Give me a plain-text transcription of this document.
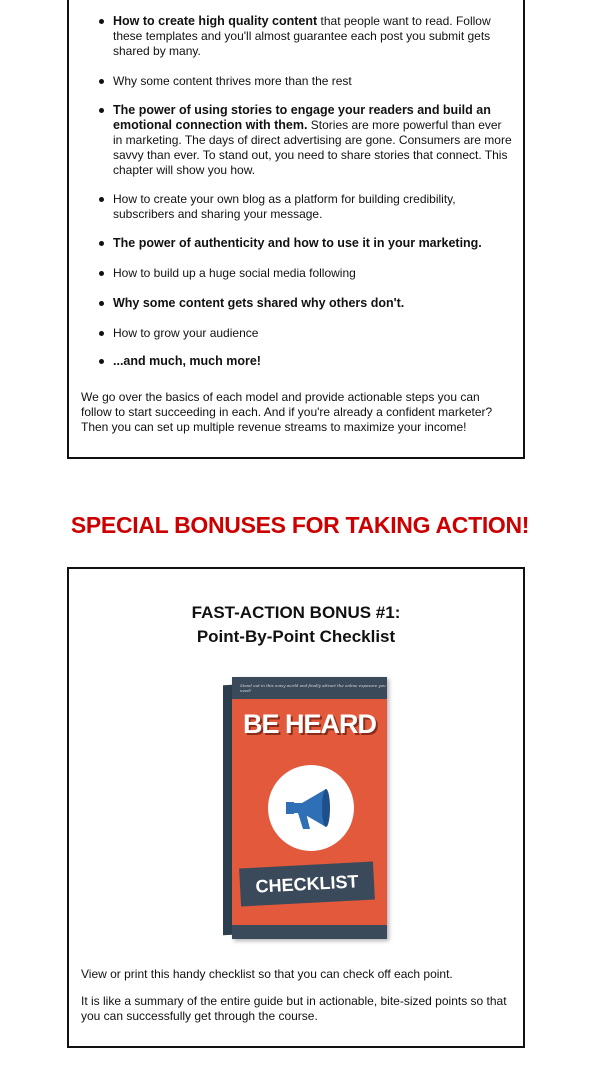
How to create high quality content that people want to read. Follow these templates and you'll almost guarantee each post you submit gets shared by many.
Why some content thrives more than the rest
The power of using stories to engage your readers and build an emotional connection with them. Stories are more powerful than ever in marketing. The days of direct advertising are gone. Consumers are more savvy than ever. To stand out, you need to share stories that connect. This chapter will show you how.
How to create your own blog as a platform for building credibility, subscribers and sharing your message.
The power of authenticity and how to use it in your marketing.
How to build up a huge social media following
Why some content gets shared why others don't.
How to grow your audience
...and much, much more!

We go over the basics of each model and provide actionable steps you can follow to start succeeding in each. And if you're already a confident marketer? Then you can set up multiple revenue streams to maximize your income!

SPECIAL BONUSES FOR TAKING ACTION!

FAST-ACTION BONUS #1:

Point-By-Point Checklist

Stand out in this noisy world and finally attract the online exposure you need!
BE HEARD
CHECKLIST

View or print this handy checklist so that you can check off each point.

It is like a summary of the entire guide but in actionable, bite-sized points so that you can successfully get through the course.
